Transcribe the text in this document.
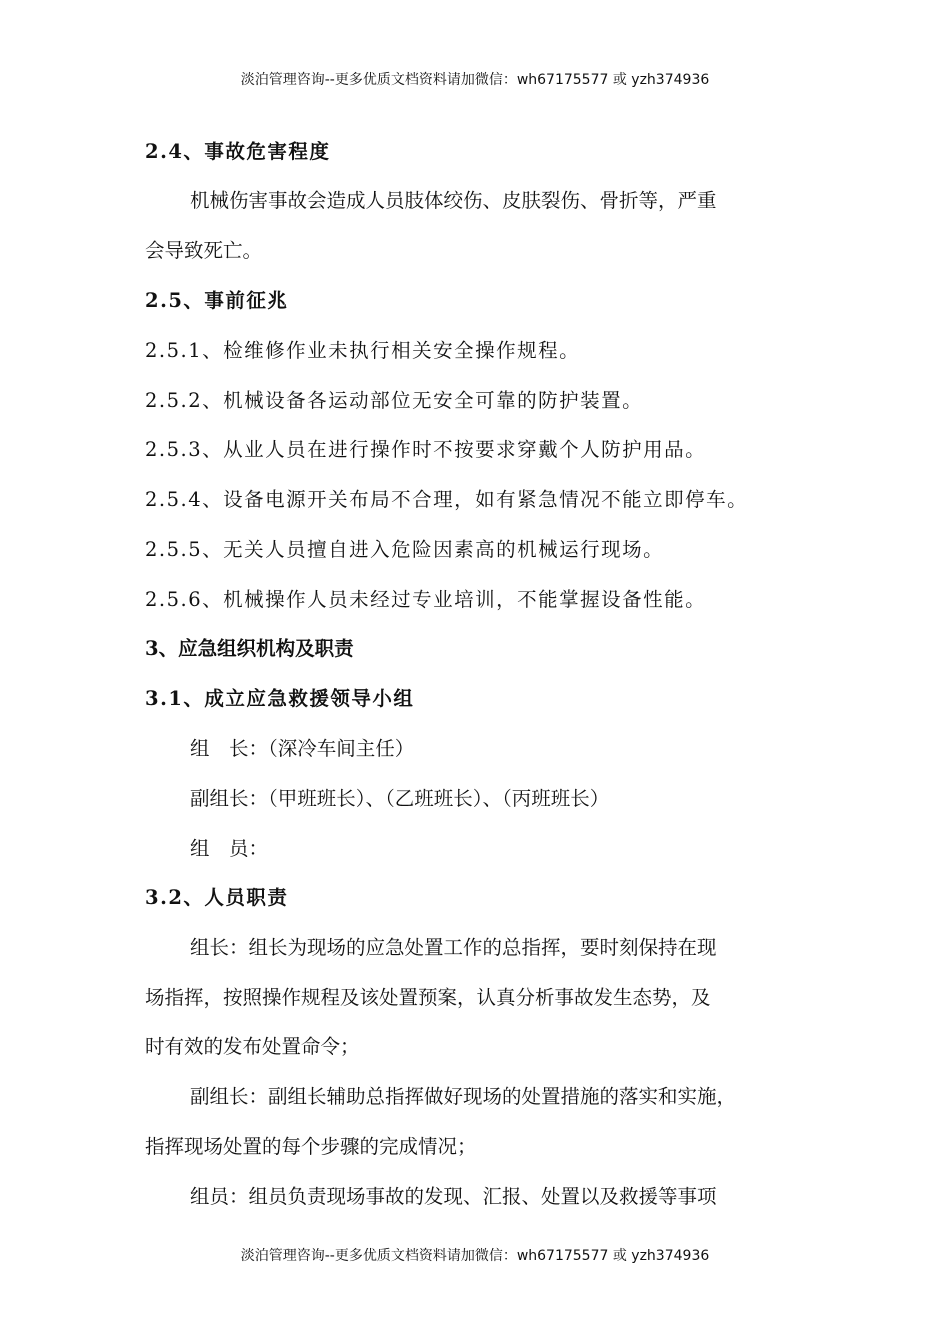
淡泊管理咨询--更多优质文档资料请加微信：wh67175577 或 yzh374936
2.4、事故危害程度
机械伤害事故会造成人员肢体绞伤、皮肤裂伤、骨折等，严重
会导致死亡。
2.5、事前征兆
2.5.1、检维修作业未执行相关安全操作规程。
2.5.2、机械设备各运动部位无安全可靠的防护装置。
2.5.3、从业人员在进行操作时不按要求穿戴个人防护用品。
2.5.4、设备电源开关布局不合理，如有紧急情况不能立即停车。
2.5.5、无关人员擅自进入危险因素高的机械运行现场。
2.5.6、机械操作人员未经过专业培训，不能掌握设备性能。
3、应急组织机构及职责
3.1、成立应急救援领导小组
组　长：（深冷车间主任）
副组长：（甲班班长）、（乙班班长）、（丙班班长）
组　员：
3.2、人员职责
组长：组长为现场的应急处置工作的总指挥，要时刻保持在现
场指挥，按照操作规程及该处置预案，认真分析事故发生态势，及
时有效的发布处置命令；
副组长：副组长辅助总指挥做好现场的处置措施的落实和实施，
指挥现场处置的每个步骤的完成情况；
组员：组员负责现场事故的发现、汇报、处置以及救援等事项
淡泊管理咨询--更多优质文档资料请加微信：wh67175577 或 yzh374936
